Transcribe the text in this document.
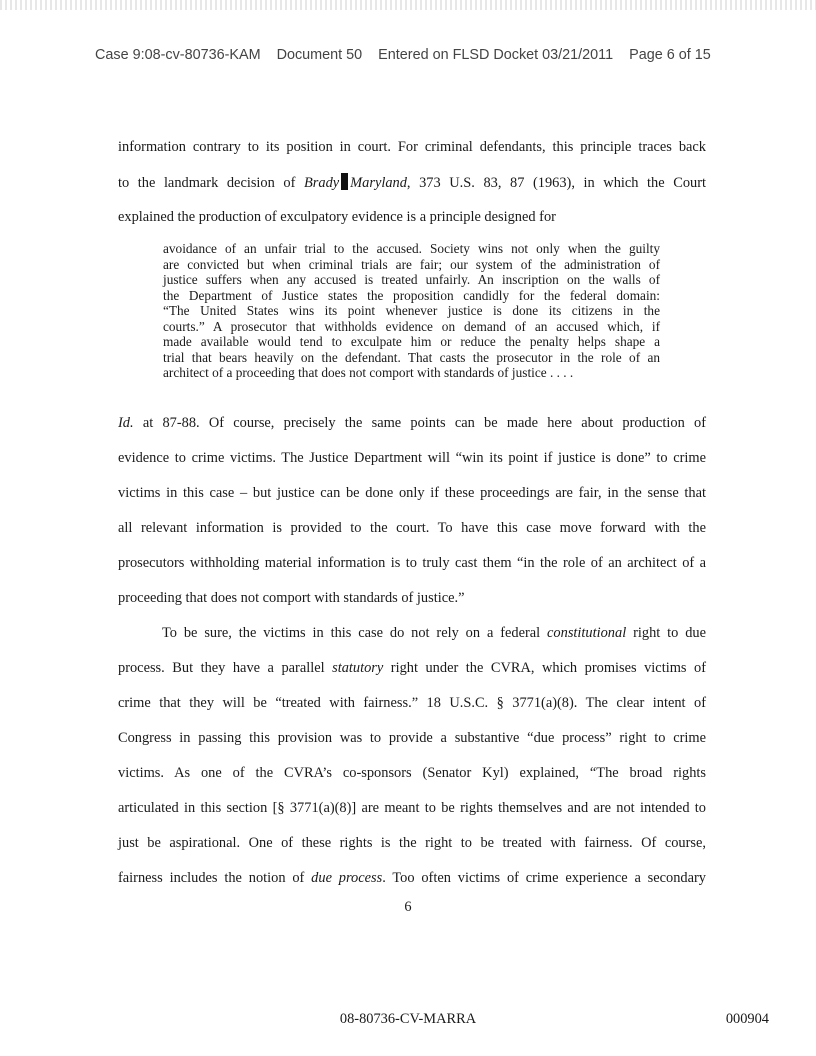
Case 9:08-cv-80736-KAM Document 50 Entered on FLSD Docket 03/21/2011 Page 6 of 15
information contrary to its position in court. For criminal defendants, this principle traces back
to the landmark decision of Brady Maryland, 373 U.S. 83, 87 (1963), in which the Court
explained the production of exculpatory evidence is a principle designed for
avoidance of an unfair trial to the accused. Society wins not only when the guilty
are convicted but when criminal trials are fair; our system of the administration of
justice suffers when any accused is treated unfairly. An inscription on the walls of
the Department of Justice states the proposition candidly for the federal domain:
“The United States wins its point whenever justice is done its citizens in the
courts.” A prosecutor that withholds evidence on demand of an accused which, if
made available would tend to exculpate him or reduce the penalty helps shape a
trial that bears heavily on the defendant. That casts the prosecutor in the role of an
architect of a proceeding that does not comport with standards of justice . . . .
Id. at 87-88. Of course, precisely the same points can be made here about production of
evidence to crime victims. The Justice Department will “win its point if justice is done” to crime
victims in this case – but justice can be done only if these proceedings are fair, in the sense that
all relevant information is provided to the court. To have this case move forward with the
prosecutors withholding material information is to truly cast them “in the role of an architect of a
proceeding that does not comport with standards of justice.”
To be sure, the victims in this case do not rely on a federal constitutional right to due
process. But they have a parallel statutory right under the CVRA, which promises victims of
crime that they will be “treated with fairness.” 18 U.S.C. § 3771(a)(8). The clear intent of
Congress in passing this provision was to provide a substantive “due process” right to crime
victims. As one of the CVRA’s co-sponsors (Senator Kyl) explained, “The broad rights
articulated in this section [§ 3771(a)(8)] are meant to be rights themselves and are not intended to
just be aspirational. One of these rights is the right to be treated with fairness. Of course,
fairness includes the notion of due process. Too often victims of crime experience a secondary
6
08-80736-CV-MARRA	000904
